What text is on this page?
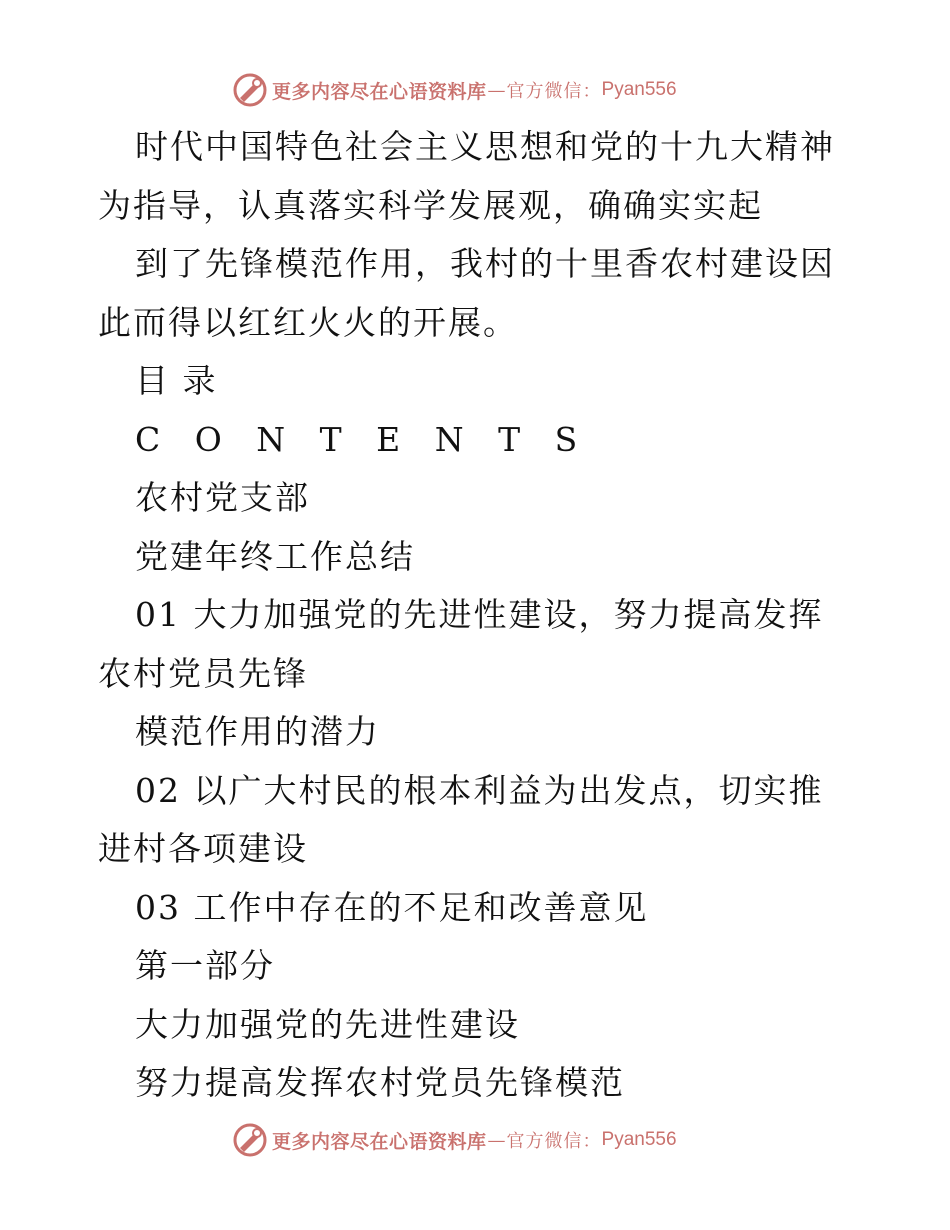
更多内容尽在心语资料库 — 官方微信： Pyan556

时代中国特色社会主义思想和党的十九大精神为指导，认真落实科学发展观，确确实实起

到了先锋模范作用，我村的十里香农村建设因此而得以红红火火的开展。

目 录

C O N T E N T S

农村党支部

党建年终工作总结

01 大力加强党的先进性建设，努力提高发挥农村党员先锋

模范作用的潜力

02 以广大村民的根本利益为出发点，切实推进村各项建设

03 工作中存在的不足和改善意见

第一部分

大力加强党的先进性建设

努力提高发挥农村党员先锋模范

更多内容尽在心语资料库 — 官方微信： Pyan556
